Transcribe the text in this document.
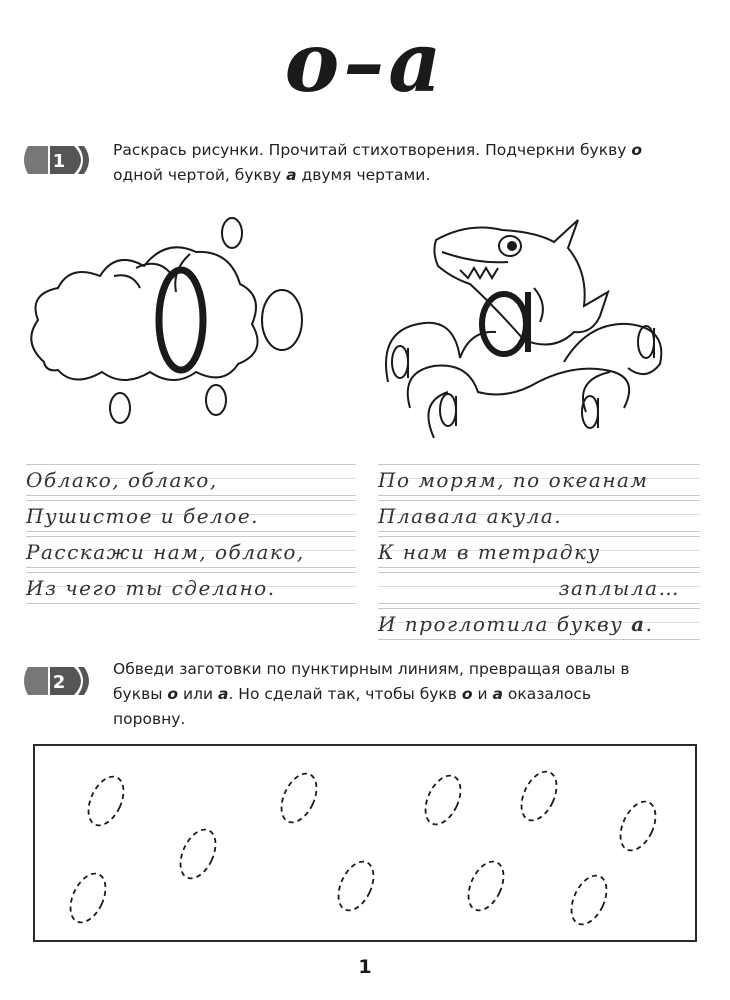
о–а
1
Раскрась рисунки. Прочитай стихотворения. Подчеркни букву о
одной чертой, букву а двумя чертами.
Облако, облако,
Пушистое и белое.
Расскажи нам, облако,
Из чего ты сделано.
По морям, по океанам
Плавала акула.
К нам в тетрадку
заплыла…
И проглотила букву а.
2
Обведи заготовки по пунктирным линиям, превращая овалы в
буквы о или а. Но сделай так, чтобы букв о и а оказалось
поровну.
1
